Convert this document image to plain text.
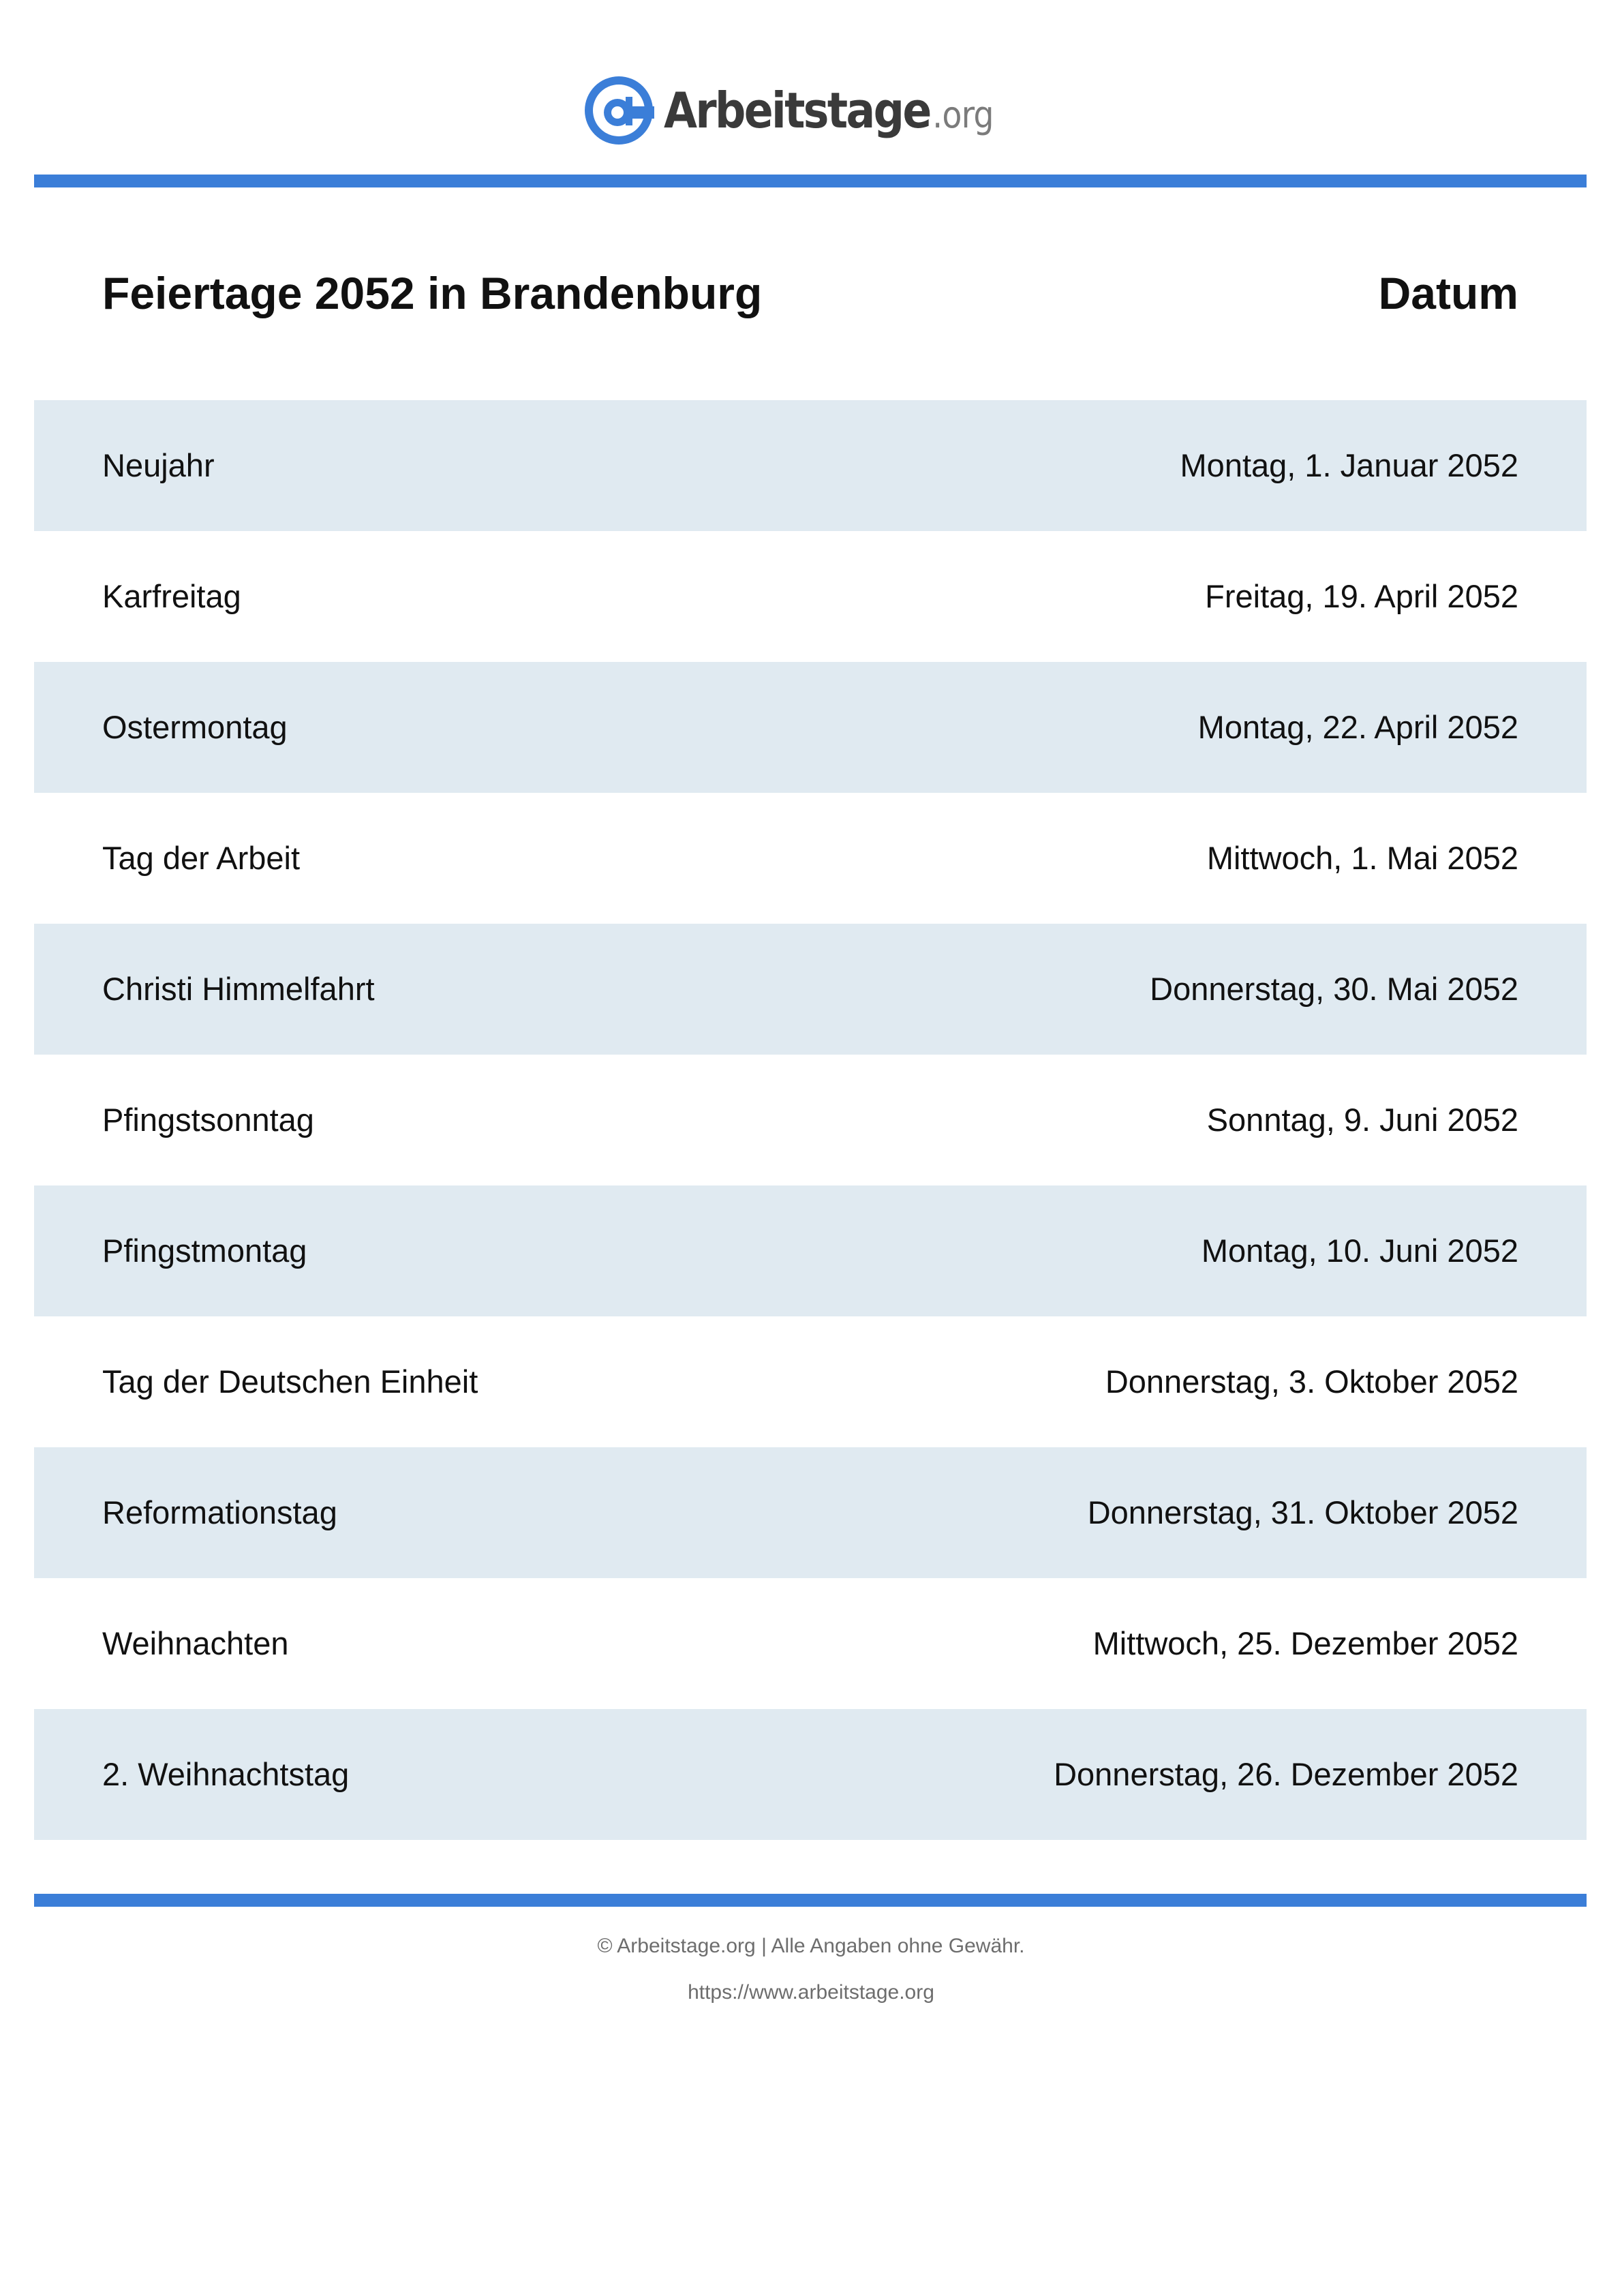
Arbeitstage .org
Feiertage 2052 in Brandenburg	Datum
Neujahr	Montag, 1. Januar 2052
Karfreitag	Freitag, 19. April 2052
Ostermontag	Montag, 22. April 2052
Tag der Arbeit	Mittwoch, 1. Mai 2052
Christi Himmelfahrt	Donnerstag, 30. Mai 2052
Pfingstsonntag	Sonntag, 9. Juni 2052
Pfingstmontag	Montag, 10. Juni 2052
Tag der Deutschen Einheit	Donnerstag, 3. Oktober 2052
Reformationstag	Donnerstag, 31. Oktober 2052
Weihnachten	Mittwoch, 25. Dezember 2052
2. Weihnachtstag	Donnerstag, 26. Dezember 2052
© Arbeitstage.org | Alle Angaben ohne Gewähr.
https://www.arbeitstage.org
